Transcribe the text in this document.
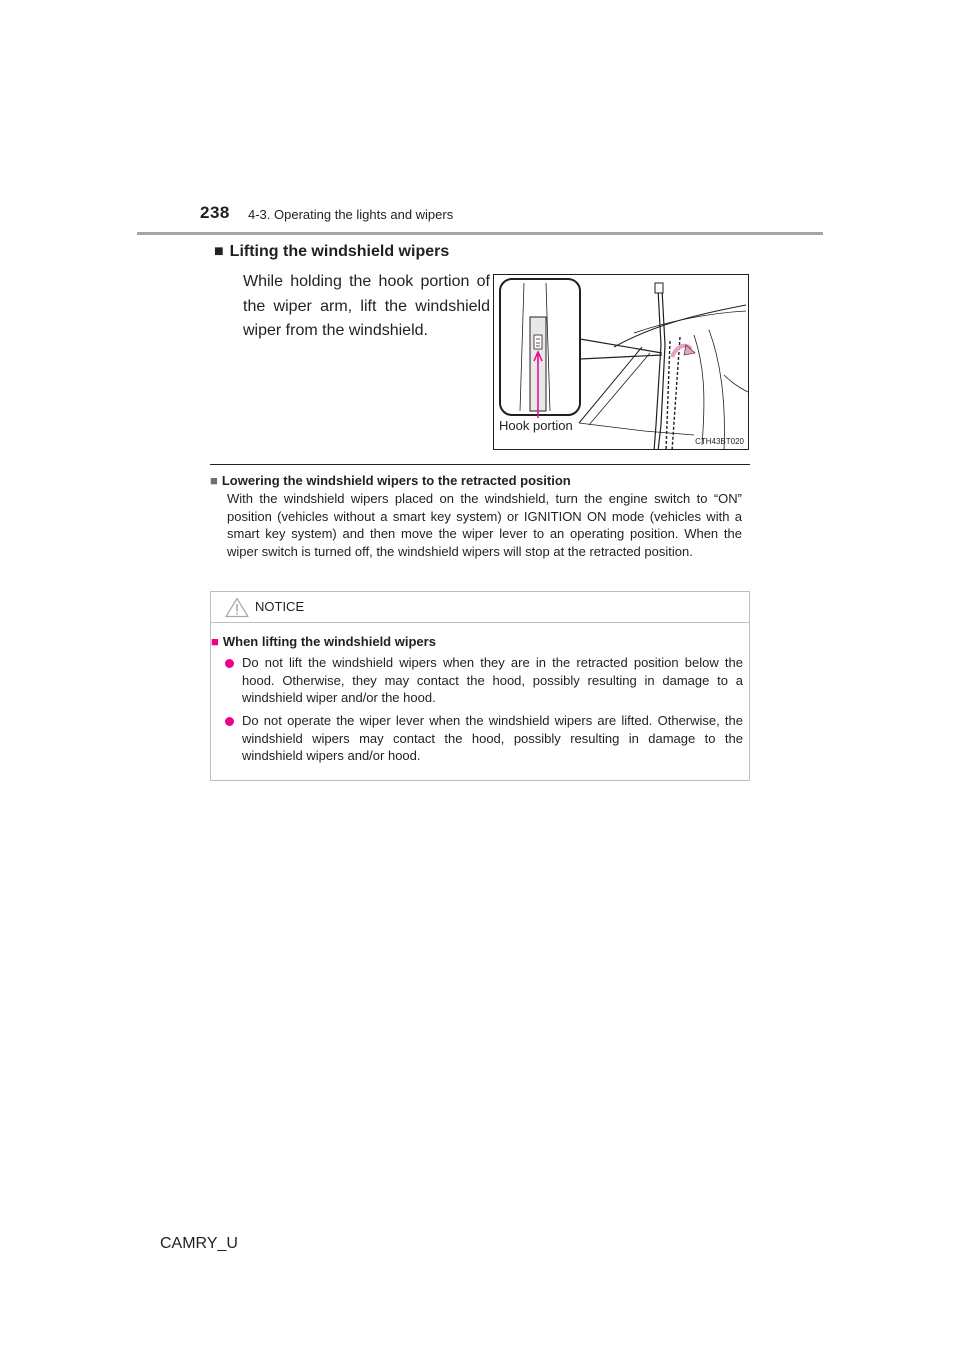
238 4-3. Operating the lights and wipers
■ Lifting the windshield wipers

While holding the hook portion of the wiper arm, lift the windshield wiper from the windshield.

Hook portion
CTH43BT020
■ Lowering the windshield wipers to the retracted position

With the windshield wipers placed on the windshield, turn the engine switch to “ON” position (vehicles without a smart key system) or IGNITION ON mode (vehicles with a smart key system) and then move the wiper lever to an operating position. When the wiper switch is turned off, the windshield wipers will stop at the retracted position.

NOTICE
■ When lifting the windshield wipers
Do not lift the windshield wipers when they are in the retracted position below the hood. Otherwise, they may contact the hood, possibly resulting in damage to a windshield wiper and/or the hood.
Do not operate the wiper lever when the windshield wipers are lifted. Otherwise, the windshield wipers may contact the hood, possibly resulting in damage to the windshield wipers and/or hood.
CAMRY_U
